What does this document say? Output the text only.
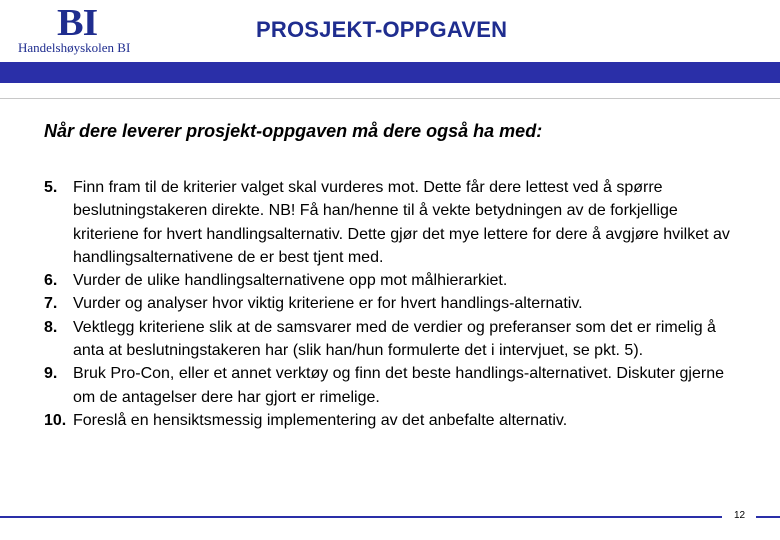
BI
Handelshøyskolen BI
PROSJEKT-OPPGAVEN
Når dere leverer prosjekt-oppgaven må dere også ha med:
5. Finn fram til de kriterier valget skal vurderes mot. Dette får dere lettest ved å spørre beslutningstakeren direkte. NB! Få han/henne til å vekte betydningen av de forkjellige kriteriene for hvert handlingsalternativ. Dette gjør det mye lettere for dere å avgjøre hvilket av handlingsalternativene de er best tjent med.
6. Vurder de ulike handlingsalternativene opp mot målhierarkiet.
7. Vurder og analyser hvor viktig kriteriene er for hvert handlings-alternativ.
8. Vektlegg kriteriene slik at de samsvarer med de verdier og preferanser som det er rimelig å anta at beslutningstakeren har (slik han/hun formulerte det i intervjuet, se pkt. 5).
9. Bruk Pro-Con, eller et annet verktøy og finn det beste handlings-alternativet. Diskuter gjerne om de antagelser dere har gjort er rimelige.
10. Foreslå en hensiktsmessig implementering av det anbefalte alternativ.
12
